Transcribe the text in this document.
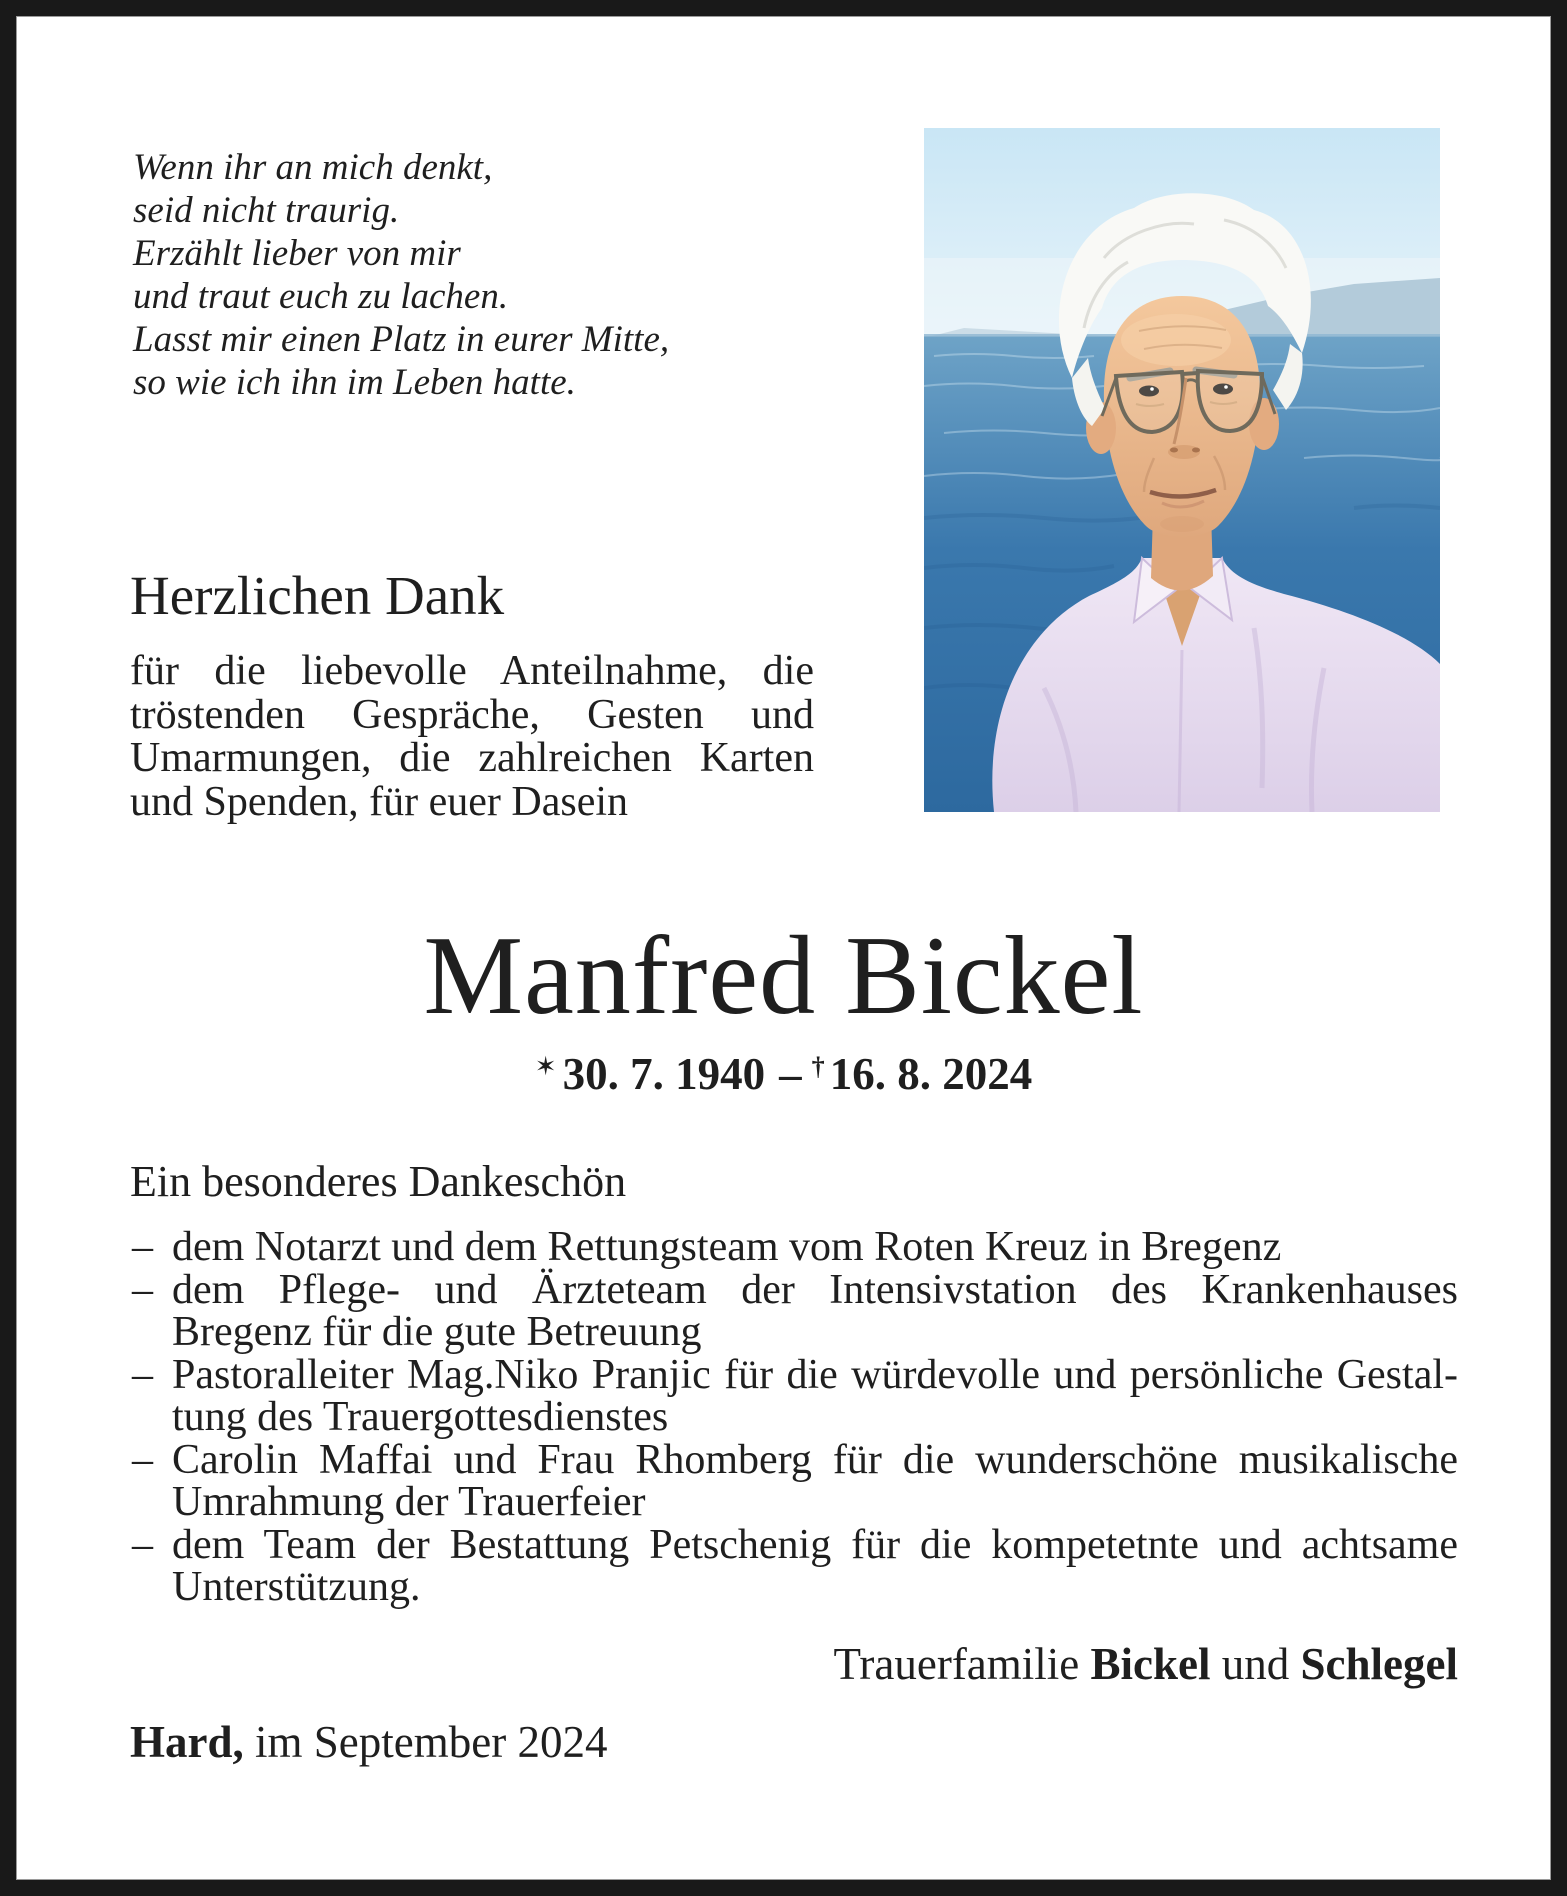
Wenn ihr an mich denkt,
seid nicht traurig.
Erzählt lieber von mir
und traut euch zu lachen.
Lasst mir einen Platz in eurer Mitte,
so wie ich ihn im Leben hatte.
Herzlichen Dank
für die liebevolle Anteilnahme, die
tröstenden Gespräche, Gesten und
Umarmungen, die zahlreichen Karten
und Spenden, für euer Dasein
Manfred Bickel
✶ 30. 7. 1940 – † 16. 8. 2024
Ein besonderes Dankeschön
– dem Notarzt und dem Rettungsteam vom Roten Kreuz in Bregenz
– dem Pflege- und Ärzteteam der Intensivstation des Krankenhauses
Bregenz für die gute Betreuung
– Pastoralleiter Mag.Niko Pranjic für die würdevolle und persönliche Gestal-
tung des Trauergottesdienstes
– Carolin Maffai und Frau Rhomberg für die wunderschöne musikalische
Umrahmung der Trauerfeier
– dem Team der Bestattung Petschenig für die kompetetnte und achtsame
Unterstützung.
Trauerfamilie Bickel und Schlegel
Hard, im September 2024
